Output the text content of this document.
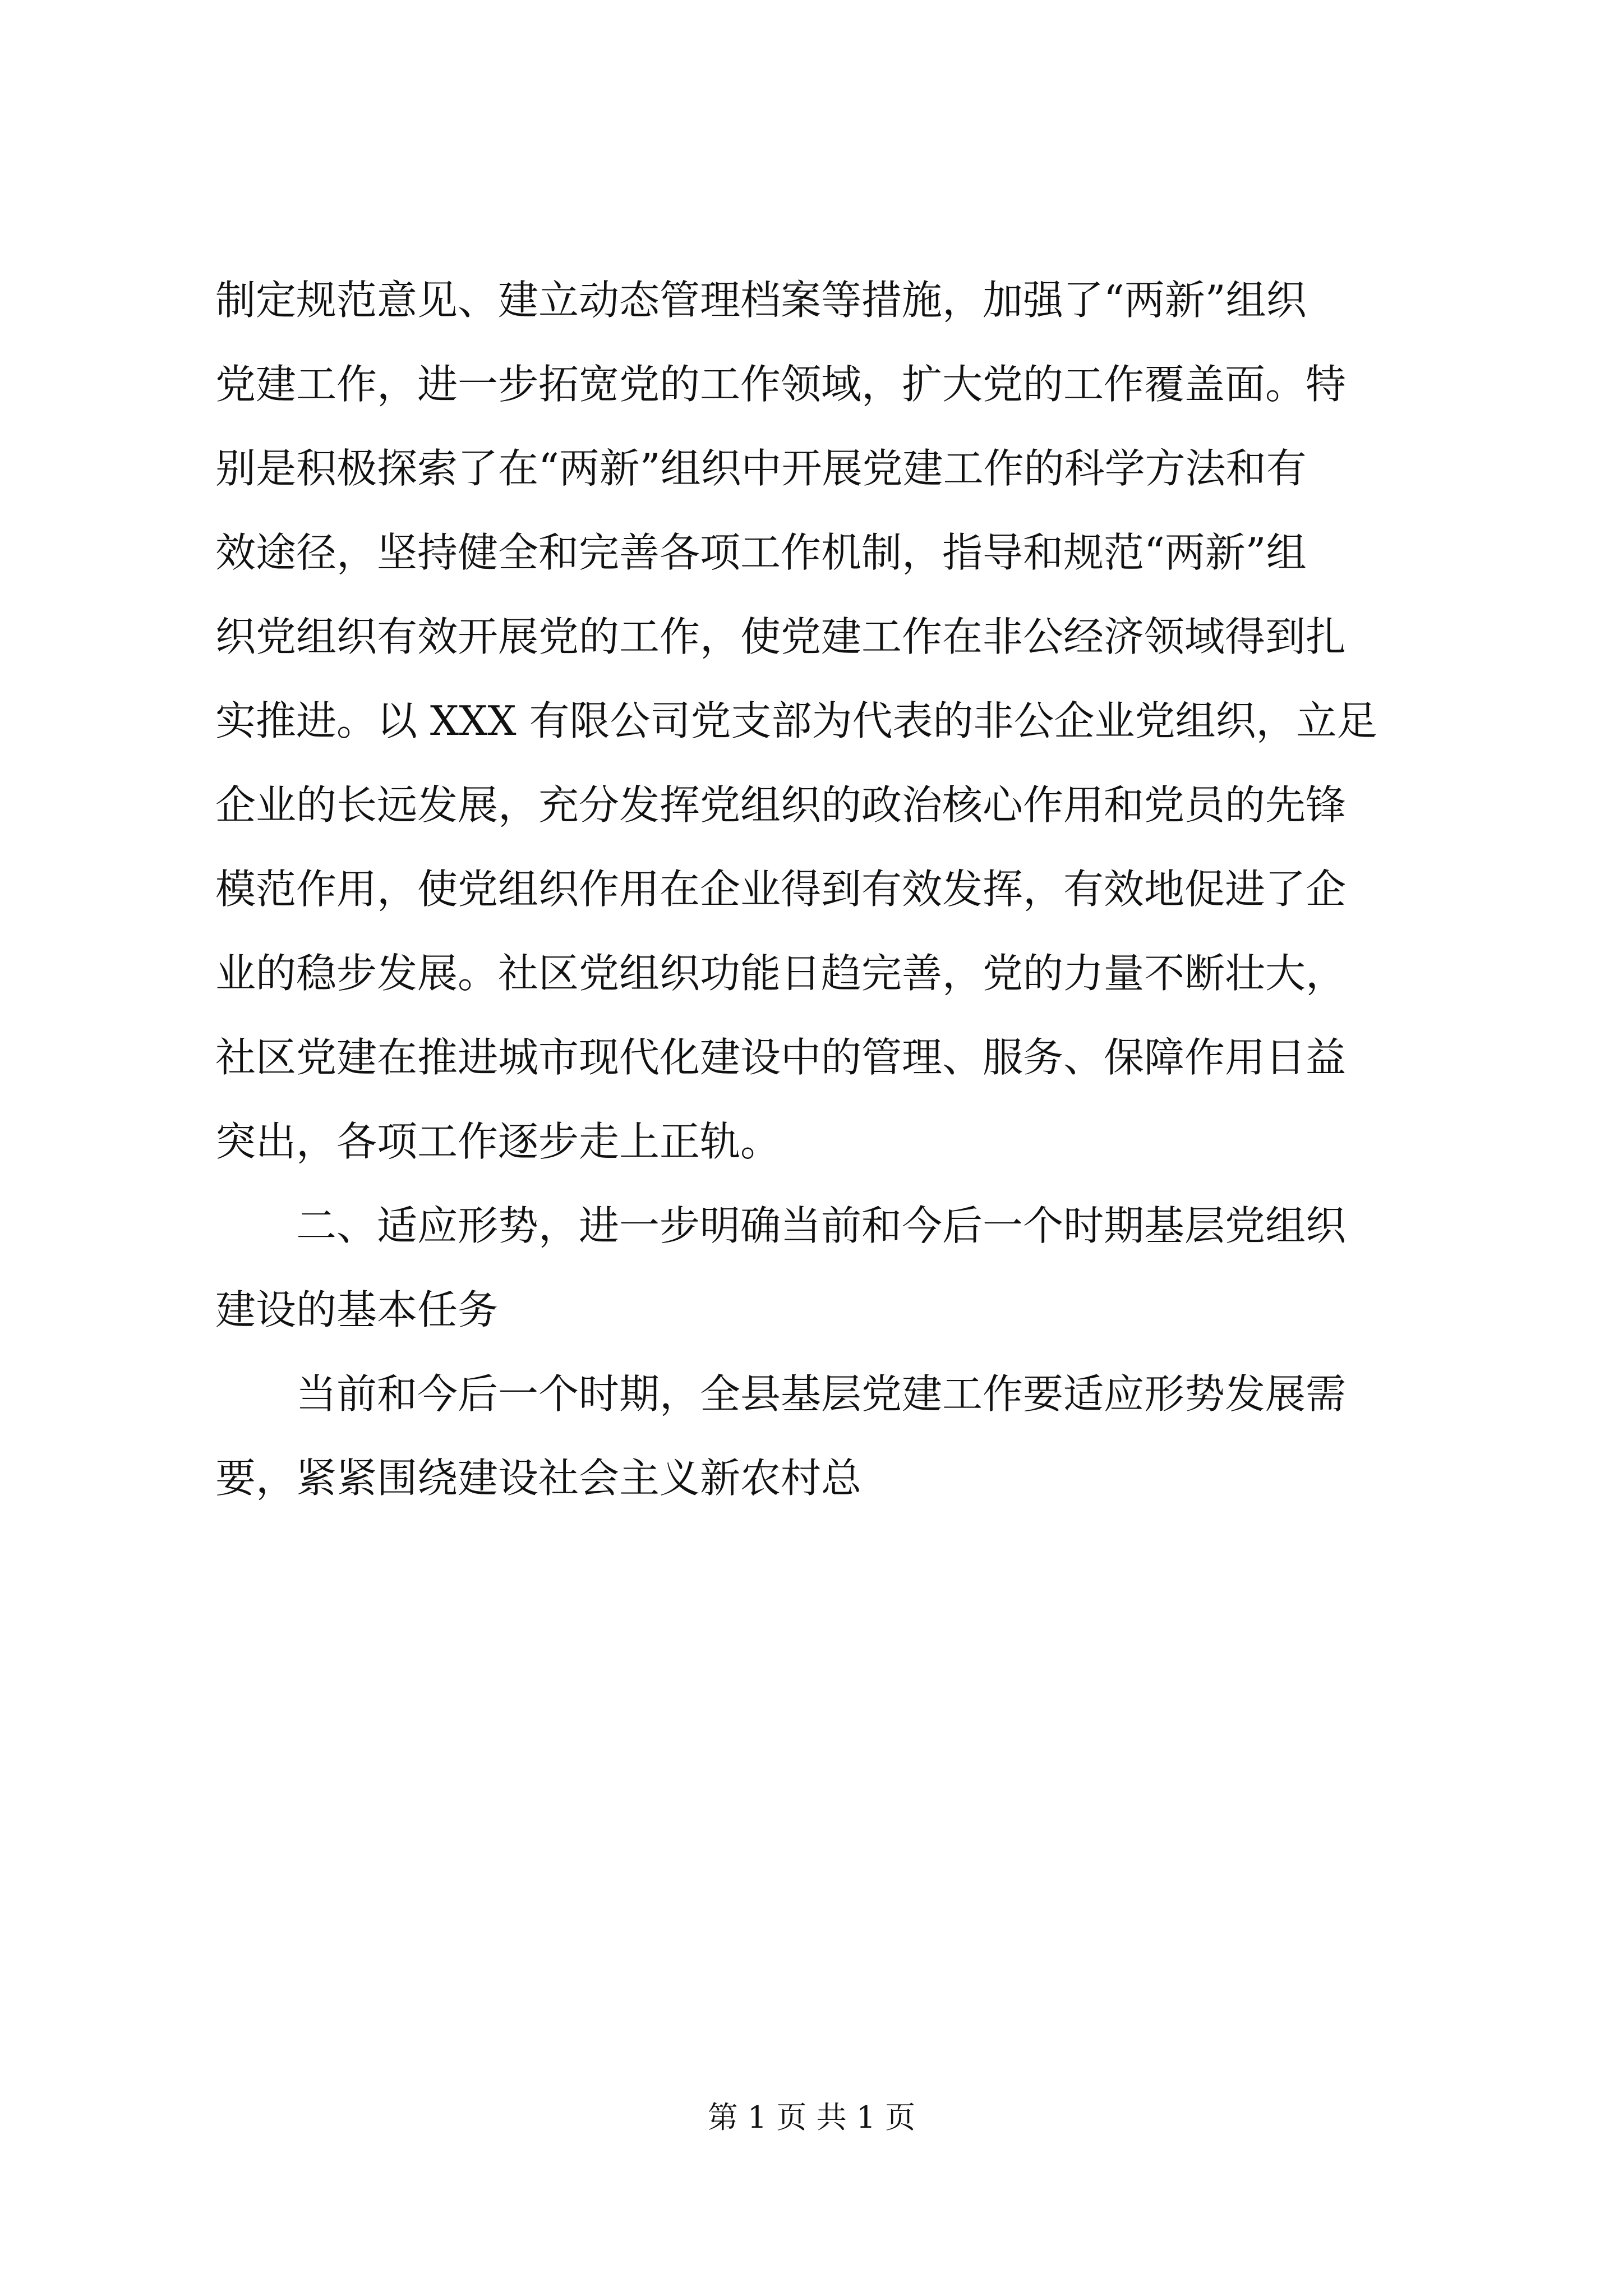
制定规范意见、建立动态管理档案等措施，加强了“两新”组织
党建工作，进一步拓宽党的工作领域，扩大党的工作覆盖面。特
别是积极探索了在“两新”组织中开展党建工作的科学方法和有
效途径，坚持健全和完善各项工作机制，指导和规范“两新”组
织党组织有效开展党的工作，使党建工作在非公经济领域得到扎
实推进。以 XXX 有限公司党支部为代表的非公企业党组织，立足
企业的长远发展，充分发挥党组织的政治核心作用和党员的先锋
模范作用，使党组织作用在企业得到有效发挥，有效地促进了企
业的稳步发展。社区党组织功能日趋完善，党的力量不断壮大，
社区党建在推进城市现代化建设中的管理、服务、保障作用日益
突出，各项工作逐步走上正轨。
二、适应形势，进一步明确当前和今后一个时期基层党组织
建设的基本任务
当前和今后一个时期，全县基层党建工作要适应形势发展需
要，紧紧围绕建设社会主义新农村总
第 1 页 共 1 页
